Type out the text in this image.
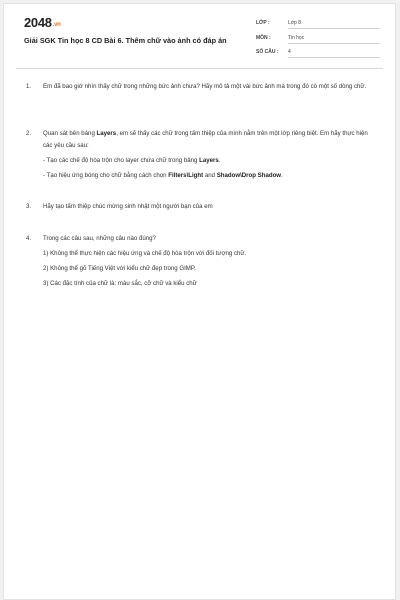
2048.vn
Giải SGK Tin học 8 CD Bài 6. Thêm chữ vào ảnh có đáp án
LỚP :	Lớp 8
MÔN :	Tin học
SỐ CÂU : 4
1. Em đã bao giờ nhìn thấy chữ trong những bức ảnh chưa? Hãy mô tả một vài bức ảnh mà trong đó có một số dòng chữ.
2. Quan sát bên bảng Layers, em sẽ thấy các chữ trong tấm thiệp của mình nằm trên một lớp riêng biệt. Em hãy thực hiện các yêu cầu sau:
- Tạo các chế độ hòa trộn cho layer chứa chữ trong bảng Layers.
- Tạo hiệu ứng bóng cho chữ bằng cách chọn Filters\Light and Shadow\Drop Shadow.
3. Hãy tạo tấm thiệp chúc mừng sinh nhật một người bạn của em
4. Trong các câu sau, những câu nào đúng?
1) Không thể thực hiện các hiệu ứng và chế độ hòa trộn với đối tượng chữ.
2) Không thể gõ Tiếng Việt với kiểu chữ đẹp trong GIMP.
3) Các đặc tính của chữ là: màu sắc, cỡ chữ và kiểu chữ
